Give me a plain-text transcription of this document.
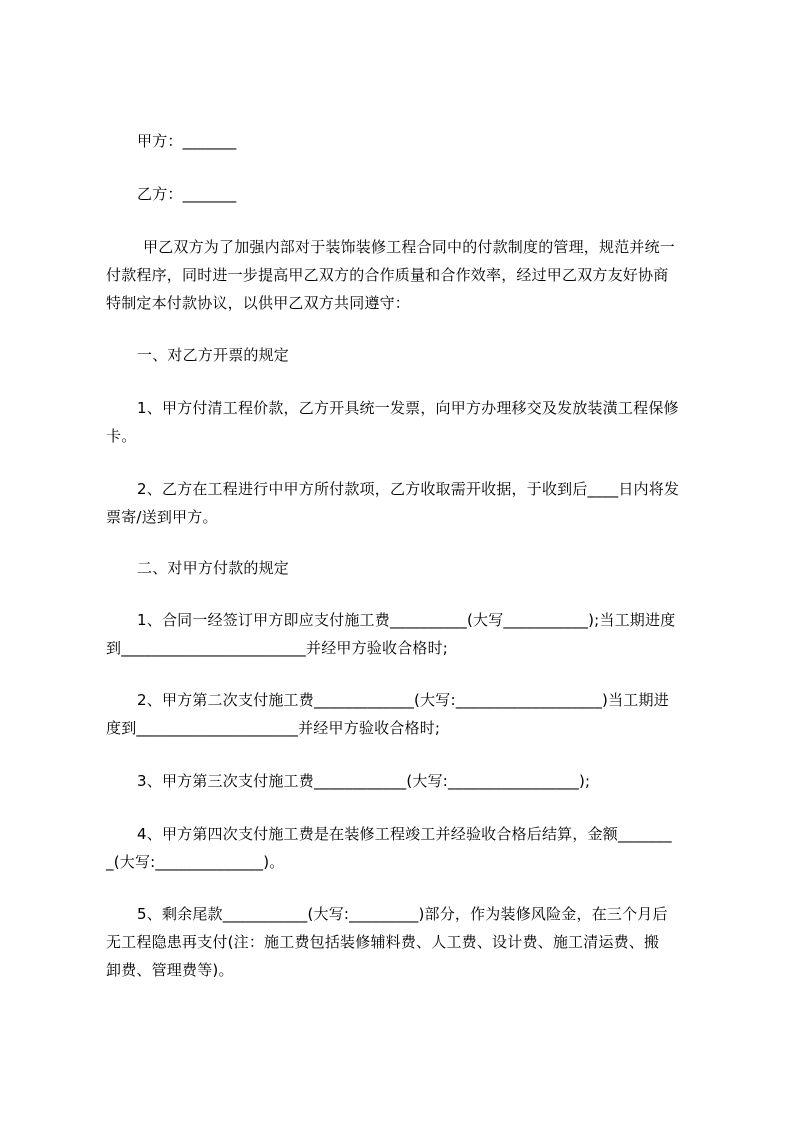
甲方：_______
乙方：_______
甲乙双方为了加强内部对于装饰装修工程合同中的付款制度的管理，规范并统一
付款程序，同时进一步提高甲乙双方的合作质量和合作效率，经过甲乙双方友好协商
特制定本付款协议，以供甲乙双方共同遵守：
一、对乙方开票的规定
1、甲方付清工程价款，乙方开具统一发票，向甲方办理移交及发放装潢工程保修
卡。
2、乙方在工程进行中甲方所付款项，乙方收取需开收据，于收到后____日内将发
票寄/送到甲方。
二、对甲方付款的规定
1、合同一经签订甲方即应支付施工费__________(大写___________);当工期进度
到________________________并经甲方验收合格时;
2、甲方第二次支付施工费_____________(大写:___________________)当工期进
度到_____________________并经甲方验收合格时;
3、甲方第三次支付施工费____________(大写:_________________);
4、甲方第四次支付施工费是在装修工程竣工并经验收合格后结算，金额_______
_(大写:______________)。
5、剩余尾款___________(大写:_________)部分，作为装修风险金，在三个月后
无工程隐患再支付(注：施工费包括装修辅料费、人工费、设计费、施工清运费、搬
卸费、管理费等)。
